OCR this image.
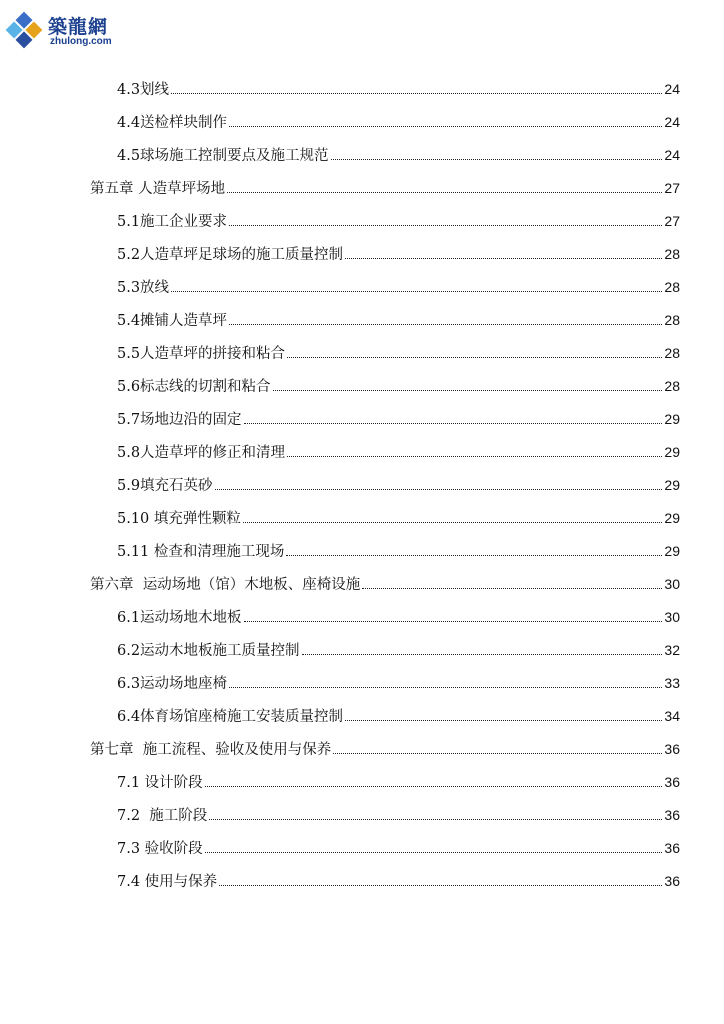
築龍網
zhulong.com
4.3划线	24
4.4送检样块制作	24
4.5球场施工控制要点及施工规范	24
第五章 人造草坪场地	27
5.1施工企业要求	27
5.2人造草坪足球场的施工质量控制	28
5.3放线	28
5.4摊铺人造草坪	28
5.5人造草坪的拼接和粘合	28
5.6标志线的切割和粘合	28
5.7场地边沿的固定	29
5.8人造草坪的修正和清理	29
5.9填充石英砂	29
5.10 填充弹性颗粒	29
5.11 检查和清理施工现场	29
第六章  运动场地（馆）木地板、座椅设施	30
6.1运动场地木地板	30
6.2运动木地板施工质量控制	32
6.3运动场地座椅	33
6.4体育场馆座椅施工安装质量控制	34
第七章  施工流程、验收及使用与保养	36
7.1 设计阶段	36
7.2  施工阶段	36
7.3 验收阶段	36
7.4 使用与保养	36
